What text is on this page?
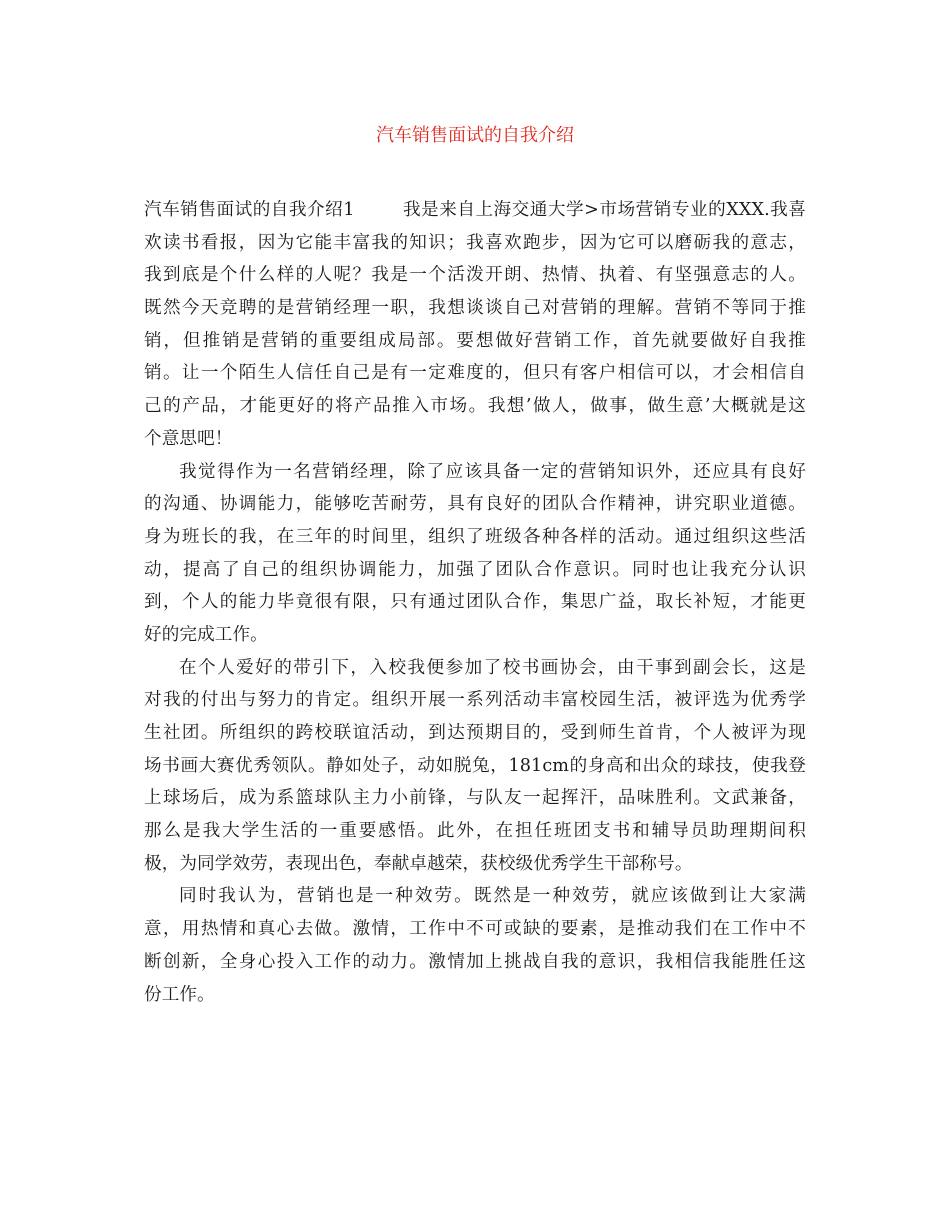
汽车销售面试的自我介绍
汽车销售面试的自我介绍1	我是来自上海交通大学>市场营销专业的XXX.我喜
欢读书看报，因为它能丰富我的知识；我喜欢跑步，因为它可以磨砺我的意志，
我到底是个什么样的人呢？我是一个活泼开朗、热情、执着、有坚强意志的人。
既然今天竞聘的是营销经理一职，我想谈谈自己对营销的理解。营销不等同于推
销，但推销是营销的重要组成局部。要想做好营销工作，首先就要做好自我推
销。让一个陌生人信任自己是有一定难度的，但只有客户相信可以，才会相信自
己的产品，才能更好的将产品推入市场。我想’做人，做事，做生意’大概就是这
个意思吧！
我觉得作为一名营销经理，除了应该具备一定的营销知识外，还应具有良好
的沟通、协调能力，能够吃苦耐劳，具有良好的团队合作精神，讲究职业道德。
身为班长的我，在三年的时间里，组织了班级各种各样的活动。通过组织这些活
动，提高了自己的组织协调能力，加强了团队合作意识。同时也让我充分认识
到，个人的能力毕竟很有限，只有通过团队合作，集思广益，取长补短，才能更
好的完成工作。
在个人爱好的带引下，入校我便参加了校书画协会，由干事到副会长，这是
对我的付出与努力的肯定。组织开展一系列活动丰富校园生活，被评选为优秀学
生社团。所组织的跨校联谊活动，到达预期目的，受到师生首肯，个人被评为现
场书画大赛优秀领队。静如处子，动如脱兔，181cm的身高和出众的球技，使我登
上球场后，成为系篮球队主力小前锋，与队友一起挥汗，品味胜利。文武兼备，
那么是我大学生活的一重要感悟。此外，在担任班团支书和辅导员助理期间积
极，为同学效劳，表现出色，奉献卓越荣，获校级优秀学生干部称号。
同时我认为，营销也是一种效劳。既然是一种效劳，就应该做到让大家满
意，用热情和真心去做。激情，工作中不可或缺的要素，是推动我们在工作中不
断创新，全身心投入工作的动力。激情加上挑战自我的意识，我相信我能胜任这
份工作。
